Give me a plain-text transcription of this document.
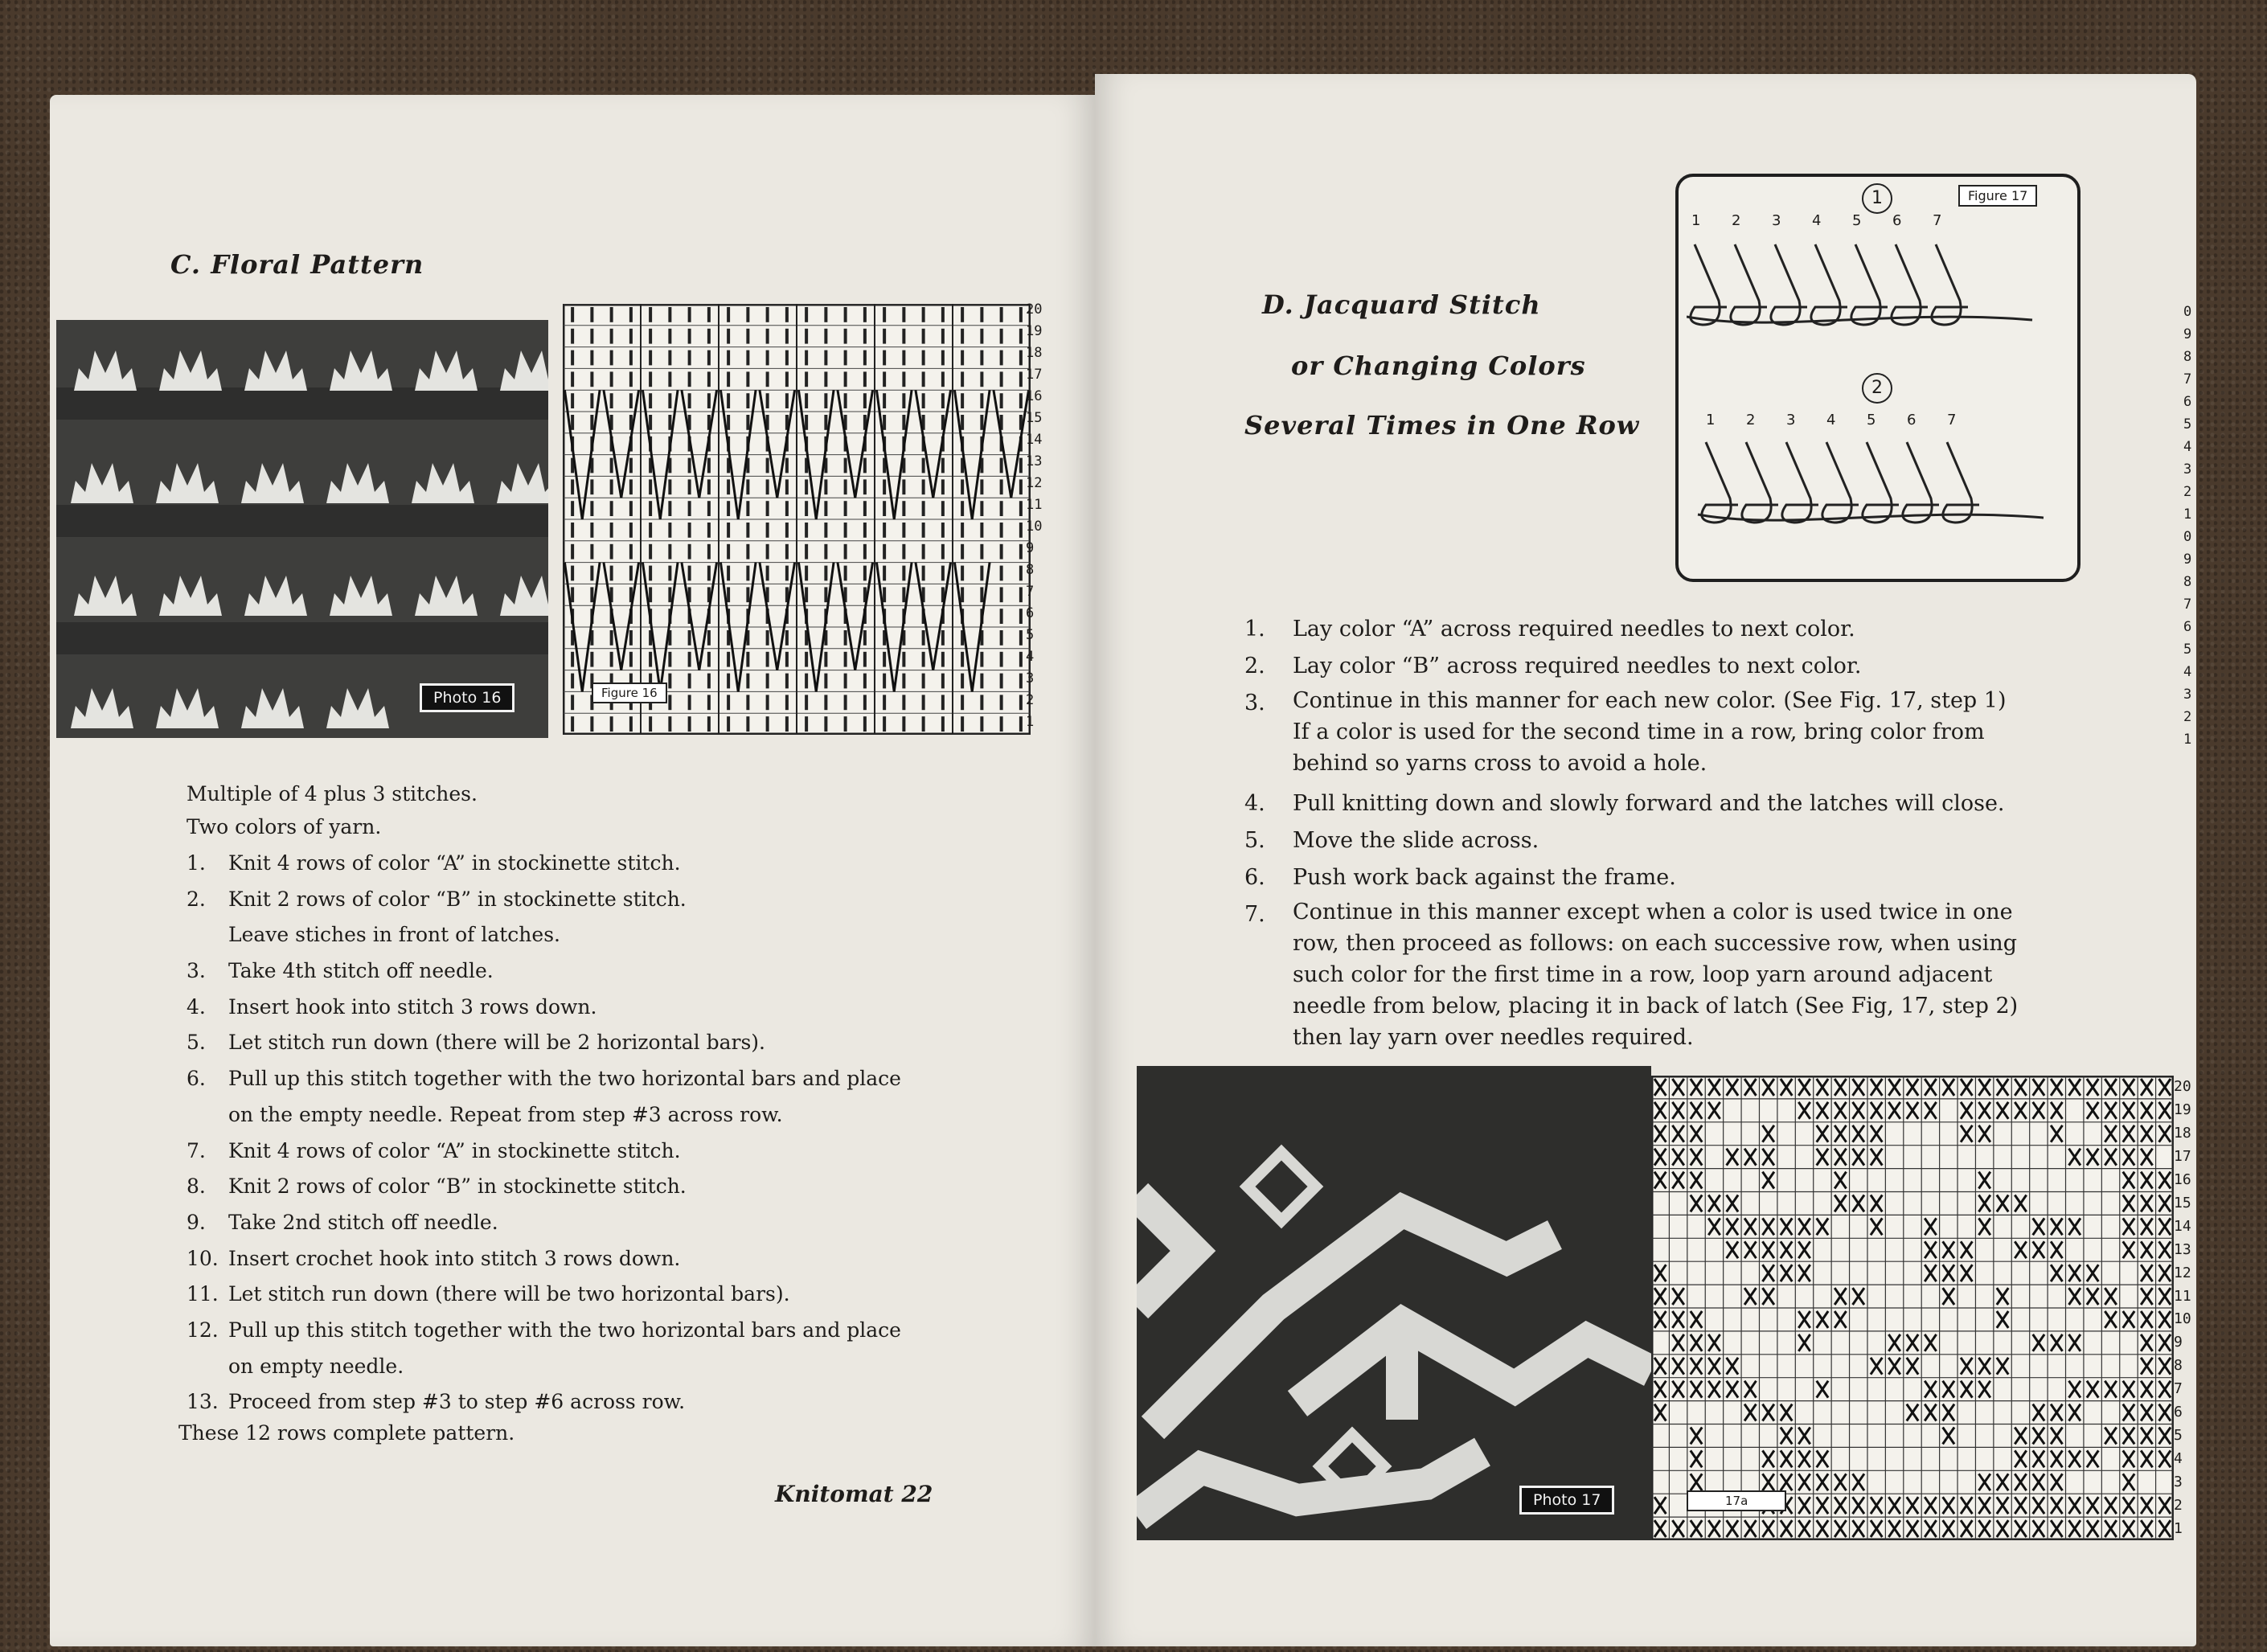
C. Floral Pattern
Photo 16	Figure 16
20
19
18
17
16
15
14
13
12
11
10
9
8
7
6
5
4
3
2
1
Multiple of 4 plus 3 stitches.
Two colors of yarn.
1. Knit 4 rows of color “A” in stockinette stitch.
2. Knit 2 rows of color “B” in stockinette stitch.
Leave stiches in front of latches.
3. Take 4th stitch off needle.
4. Insert hook into stitch 3 rows down.
5. Let stitch run down (there will be 2 horizontal bars).
6. Pull up this stitch together with the two horizontal bars and place
on the empty needle. Repeat from step #3 across row.
7. Knit 4 rows of color “A” in stockinette stitch.
8. Knit 2 rows of color “B” in stockinette stitch.
9. Take 2nd stitch off needle.
10. Insert crochet hook into stitch 3 rows down.
11. Let stitch run down (there will be two horizontal bars).
12. Pull up this stitch together with the two horizontal bars and place
on empty needle.
13. Proceed from step #3 to step #6 across row.
These 12 rows complete pattern.
Knitomat 22
D. Jacquard Stitch
or Changing Colors
Several Times in One Row
Figure 17
1
1 2 3 4 5 6 7
2
1 2 3 4 5 6 7
0
9
8
7
6
5
4
3
2
1
0
9
8
7
6
5
4
3
2
1
1. Lay color “A” across required needles to next color.
2. Lay color “B” across required needles to next color.
3. Continue in this manner for each new color. (See Fig. 17, step 1)
If a color is used for the second time in a row, bring color from
behind so yarns cross to avoid a hole.
4. Pull knitting down and slowly forward and the latches will close.
5. Move the slide across.
6. Push work back against the frame.
7. Continue in this manner except when a color is used twice in one
row, then proceed as follows: on each successive row, when using
such color for the first time in a row, loop yarn around adjacent
needle from below, placing it in back of latch (See Fig, 17, step 2)
then lay yarn over needles required.
Photo 17	17a
20
19
18
17
16
15
14
13
12
11
10
9
8
7
6
5
4
3
2
1
